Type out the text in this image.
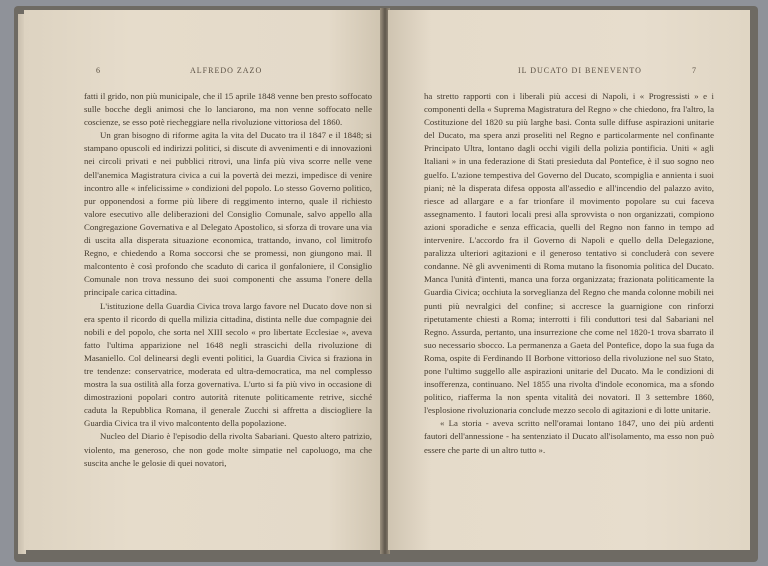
6	ALFREDO ZAZO

fatti il grido, non più municipale, che il 15 aprile 1848 venne ben presto soffocato sulle bocche degli animosi che lo lanciarono, ma non venne soffocato nelle coscienze, se esso potè riecheggiare nella rivoluzione vittoriosa del 1860.

Un gran bisogno di riforme agita la vita del Ducato tra il 1847 e il 1848; si stampano opuscoli ed indirizzi politici, si discute di avvenimenti e di innovazioni nei circoli privati e nei pubblici ritrovi, una linfa più viva scorre nelle vene dell'anemica Magistratura civica a cui la povertà dei mezzi, impedisce di venire incontro alle « infelicissime » condizioni del popolo. Lo stesso Governo politico, pur opponendosi a forme più libere di reggimento interno, quale il richiesto valore esecutivo alle deliberazioni del Consiglio Comunale, salvo appello alla Congregazione Governativa e al Delegato Apostolico, si sforza di trovare una via di uscita alla disperata situazione economica, trattando, invano, col limitrofo Regno, e chiedendo a Roma soccorsi che se promessi, non giungono mai. Il malcontento è così profondo che scaduto di carica il gonfaloniere, il Consiglio Comunale non trova nessuno dei suoi componenti che assuma l'onere della principale carica cittadina.

L'istituzione della Guardia Civica trova largo favore nel Ducato dove non si era spento il ricordo di quella milizia cittadina, distinta nelle due compagnie dei nobili e del popolo, che sorta nel XIII secolo « pro libertate Ecclesiae », aveva fatto l'ultima apparizione nel 1648 negli strascichi della rivoluzione di Masaniello. Col delinearsi degli eventi politici, la Guardia Civica si fraziona in tre tendenze: conservatrice, moderata ed ultra-democratica, ma nel complesso mostra la sua ostilità alla forza governativa. L'urto si fa più vivo in occasione di dimostrazioni popolari contro autorità ritenute politicamente retrive, sicché caduta la Repubblica Romana, il generale Zucchi si affretta a disciogliere la Guardia Civica tra il vivo malcontento della popolazione.

Nucleo del Diario è l'episodio della rivolta Sabariani. Questo altero patrizio, violento, ma generoso, che non gode molte simpatie nel capoluogo, ma che suscita anche le gelosie di quei novatori,

IL DUCATO DI BENEVENTO	7

ha stretto rapporti con i liberali più accesi di Napoli, i « Progressisti » e i componenti della « Suprema Magistratura del Regno » che chiedono, fra l'altro, la Costituzione del 1820 su più larghe basi. Conta sulle diffuse aspirazioni unitarie del Ducato, ma spera anzi proseliti nel Regno e particolarmente nel confinante Principato Ultra, lontano dagli occhi vigili della polizia pontificia. Uniti « agli Italiani » in una federazione di Stati presieduta dal Pontefice, è il suo sogno neo guelfo. L'azione tempestiva del Governo del Ducato, scompiglia e annienta i suoi piani; nè la disperata difesa opposta all'assedio e all'incendio del palazzo avito, riesce ad allargare e a far trionfare il movimento popolare su cui faceva assegnamento. I fautori locali presi alla sprovvista o non organizzati, compiono azioni sporadiche e senza efficacia, quelli del Regno non fanno in tempo ad intervenire. L'accordo fra il Governo di Napoli e quello della Delegazione, paralizza ulteriori agitazioni e il generoso tentativo si concluderà con severe condanne. Nè gli avvenimenti di Roma mutano la fisonomia politica del Ducato. Manca l'unità d'intenti, manca una forza organizzata; frazionata politicamente la Guardia Civica; occhiuta la sorveglianza del Regno che manda colonne mobili nei punti più nevralgici del confine; si accresce la guarnigione con rinforzi ripetutamente chiesti a Roma; interrotti i fili conduttori tesi dal Sabariani nel Regno. Assurda, pertanto, una insurrezione che come nel 1820-1 trova sbarrato il suo necessario sbocco. La permanenza a Gaeta del Pontefice, dopo la sua fuga da Roma, ospite di Ferdinando II Borbone vittorioso della rivoluzione nel suo Stato, pone l'ultimo suggello alle aspirazioni unitarie del Ducato. Ma le condizioni di insofferenza, continuano. Nel 1855 una rivolta d'indole economica, ma a sfondo politico, riafferma la non spenta vitalità dei novatori. Il 3 settembre 1860, l'esplosione rivoluzionaria conclude mezzo secolo di agitazioni e di lotte unitarie.

« La storia - aveva scritto nell'oramai lontano 1847, uno dei più ardenti fautori dell'annessione - ha sentenziato il Ducato all'isolamento, ma esso non può essere che parte di un altro tutto ».
